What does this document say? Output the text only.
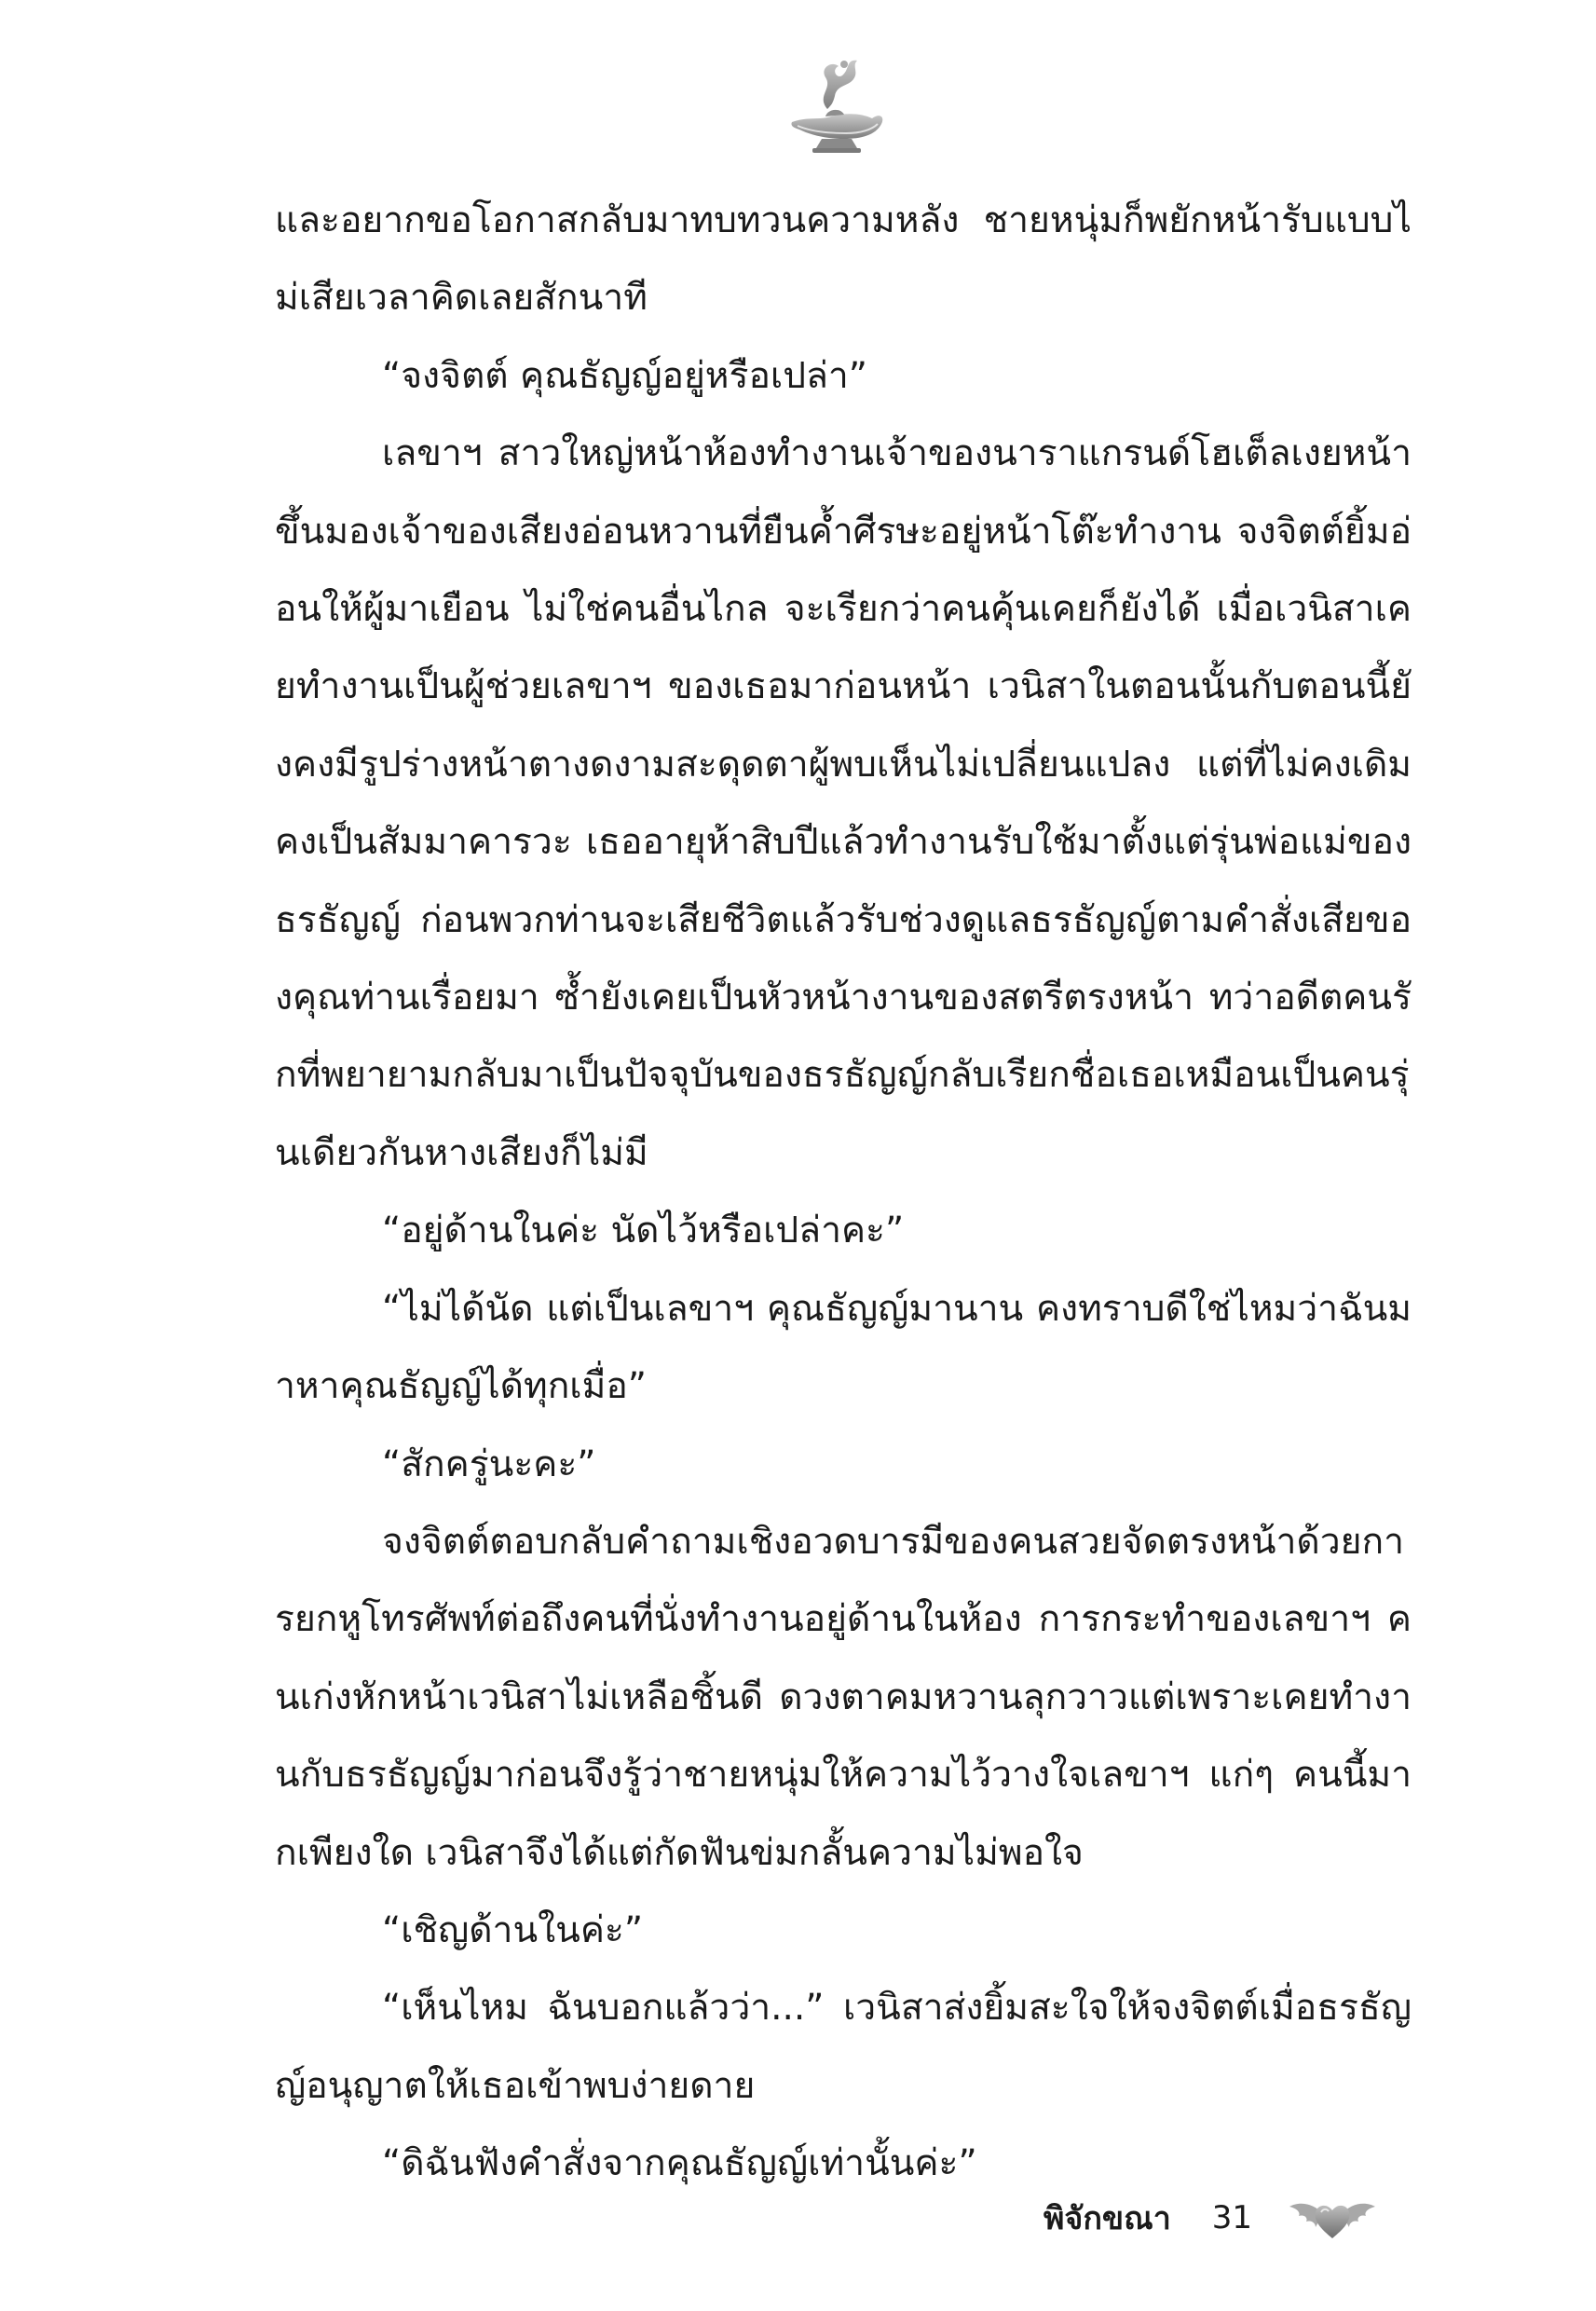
และอยากขอโอกาสกลับมาทบทวนความหลัง ชายหนุ่มก็พยักหน้ารับแบบไม่เสียเวลาคิดเลยสักนาที

“จงจิตต์ คุณธัญญ์อยู่หรือเปล่า”

เลขาฯ สาวใหญ่หน้าห้องทำงานเจ้าของนาราแกรนด์โฮเต็ลเงยหน้าขึ้นมองเจ้าของเสียงอ่อนหวานที่ยืนค้ำศีรษะอยู่หน้าโต๊ะทำงาน จงจิตต์ยิ้มอ่อนให้ผู้มาเยือน ไม่ใช่คนอื่นไกล จะเรียกว่าคนคุ้นเคยก็ยังได้ เมื่อเวนิสาเคยทำงานเป็นผู้ช่วยเลขาฯ ของเธอมาก่อนหน้า เวนิสาในตอนนั้นกับตอนนี้ยังคงมีรูปร่างหน้าตางดงามสะดุดตาผู้พบเห็นไม่เปลี่ยนแปลง แต่ที่ไม่คงเดิมคงเป็นสัมมาคารวะ เธออายุห้าสิบปีแล้วทำงานรับใช้มาตั้งแต่รุ่นพ่อแม่ของธรธัญญ์ ก่อนพวกท่านจะเสียชีวิตแล้วรับช่วงดูแลธรธัญญ์ตามคำสั่งเสียของคุณท่านเรื่อยมา ซ้ำยังเคยเป็นหัวหน้างานของสตรีตรงหน้า ทว่าอดีตคนรักที่พยายามกลับมาเป็นปัจจุบันของธรธัญญ์กลับเรียกชื่อเธอเหมือนเป็นคนรุ่นเดียวกันหางเสียงก็ไม่มี

“อยู่ด้านในค่ะ นัดไว้หรือเปล่าคะ”

“ไม่ได้นัด แต่เป็นเลขาฯ คุณธัญญ์มานาน คงทราบดีใช่ไหมว่าฉันมาหาคุณธัญญ์ได้ทุกเมื่อ”

“สักครู่นะคะ”

จงจิตต์ตอบกลับคำถามเชิงอวดบารมีของคนสวยจัดตรงหน้าด้วยการยกหูโทรศัพท์ต่อถึงคนที่นั่งทำงานอยู่ด้านในห้อง การกระทำของเลขาฯ คนเก่งหักหน้าเวนิสาไม่เหลือชิ้นดี ดวงตาคมหวานลุกวาวแต่เพราะเคยทำงานกับธรธัญญ์มาก่อนจึงรู้ว่าชายหนุ่มให้ความไว้วางใจเลขาฯ แก่ๆ คนนี้มากเพียงใด เวนิสาจึงได้แต่กัดฟันข่มกลั้นความไม่พอใจ

“เชิญด้านในค่ะ”

“เห็นไหม ฉันบอกแล้วว่า...” เวนิสาส่งยิ้มสะใจให้จงจิตต์เมื่อธรธัญญ์อนุญาตให้เธอเข้าพบง่ายดาย

“ดิฉันฟังคำสั่งจากคุณธัญญ์เท่านั้นค่ะ”

พิจักขณา 31
